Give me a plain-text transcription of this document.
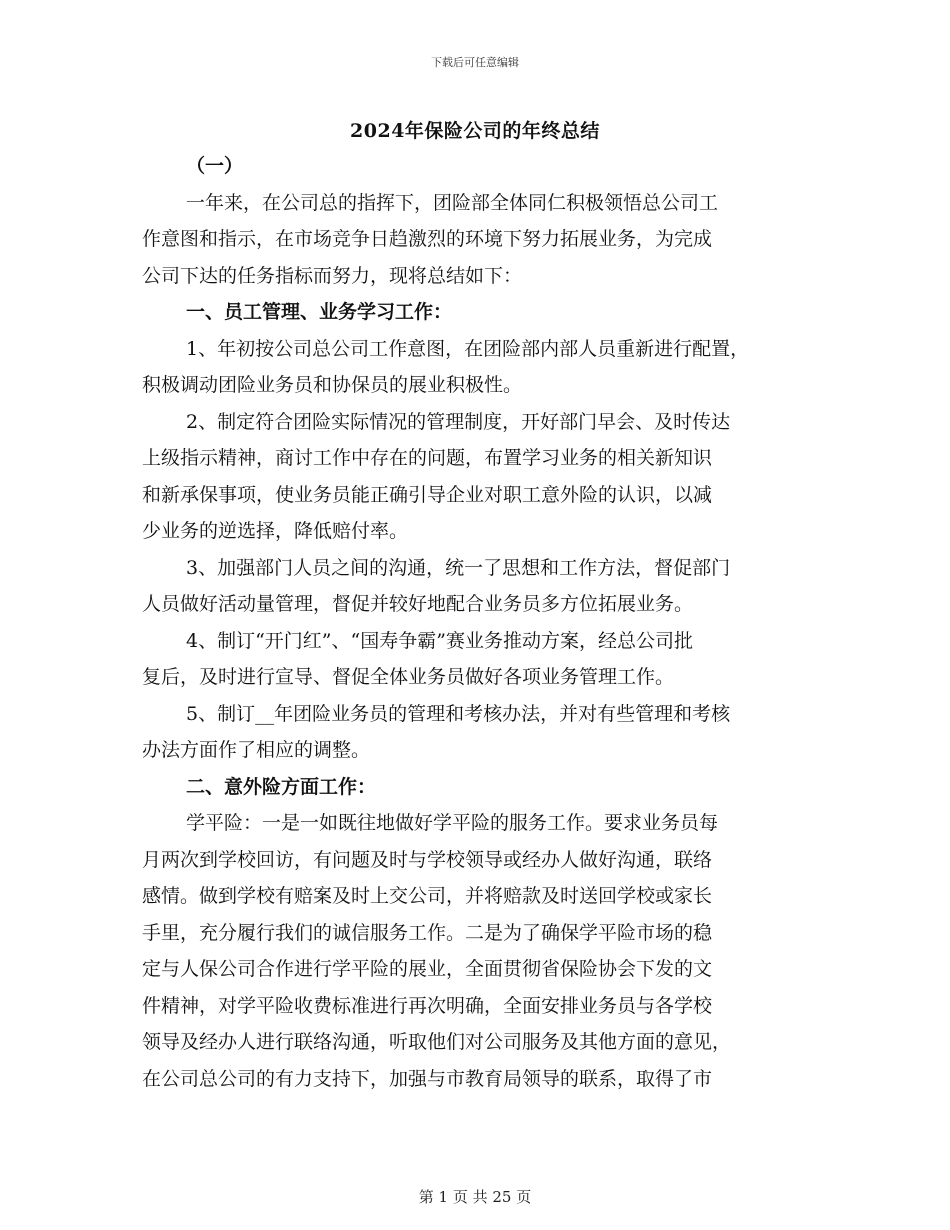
下载后可任意编辑
2024年保险公司的年终总结
（一）
一年来，在公司总的指挥下，团险部全体同仁积极领悟总公司工
作意图和指示，在市场竞争日趋激烈的环境下努力拓展业务，为完成
公司下达的任务指标而努力，现将总结如下：
一、员工管理、业务学习工作：
1、年初按公司总公司工作意图，在团险部内部人员重新进行配置，
积极调动团险业务员和协保员的展业积极性。
2、制定符合团险实际情况的管理制度，开好部门早会、及时传达
上级指示精神，商讨工作中存在的问题，布置学习业务的相关新知识
和新承保事项，使业务员能正确引导企业对职工意外险的认识，以减
少业务的逆选择，降低赔付率。
3、加强部门人员之间的沟通，统一了思想和工作方法，督促部门
人员做好活动量管理，督促并较好地配合业务员多方位拓展业务。
4、制订“开门红”、“国寿争霸”赛业务推动方案，经总公司批
复后，及时进行宣导、督促全体业务员做好各项业务管理工作。
5、制订__年团险业务员的管理和考核办法，并对有些管理和考核
办法方面作了相应的调整。
二、意外险方面工作：
学平险：一是一如既往地做好学平险的服务工作。要求业务员每
月两次到学校回访，有问题及时与学校领导或经办人做好沟通，联络
感情。做到学校有赔案及时上交公司，并将赔款及时送回学校或家长
手里，充分履行我们的诚信服务工作。二是为了确保学平险市场的稳
定与人保公司合作进行学平险的展业，全面贯彻省保险协会下发的文
件精神，对学平险收费标准进行再次明确，全面安排业务员与各学校
领导及经办人进行联络沟通，听取他们对公司服务及其他方面的意见，
在公司总公司的有力支持下，加强与市教育局领导的联系，取得了市
第 1 页 共 25 页
